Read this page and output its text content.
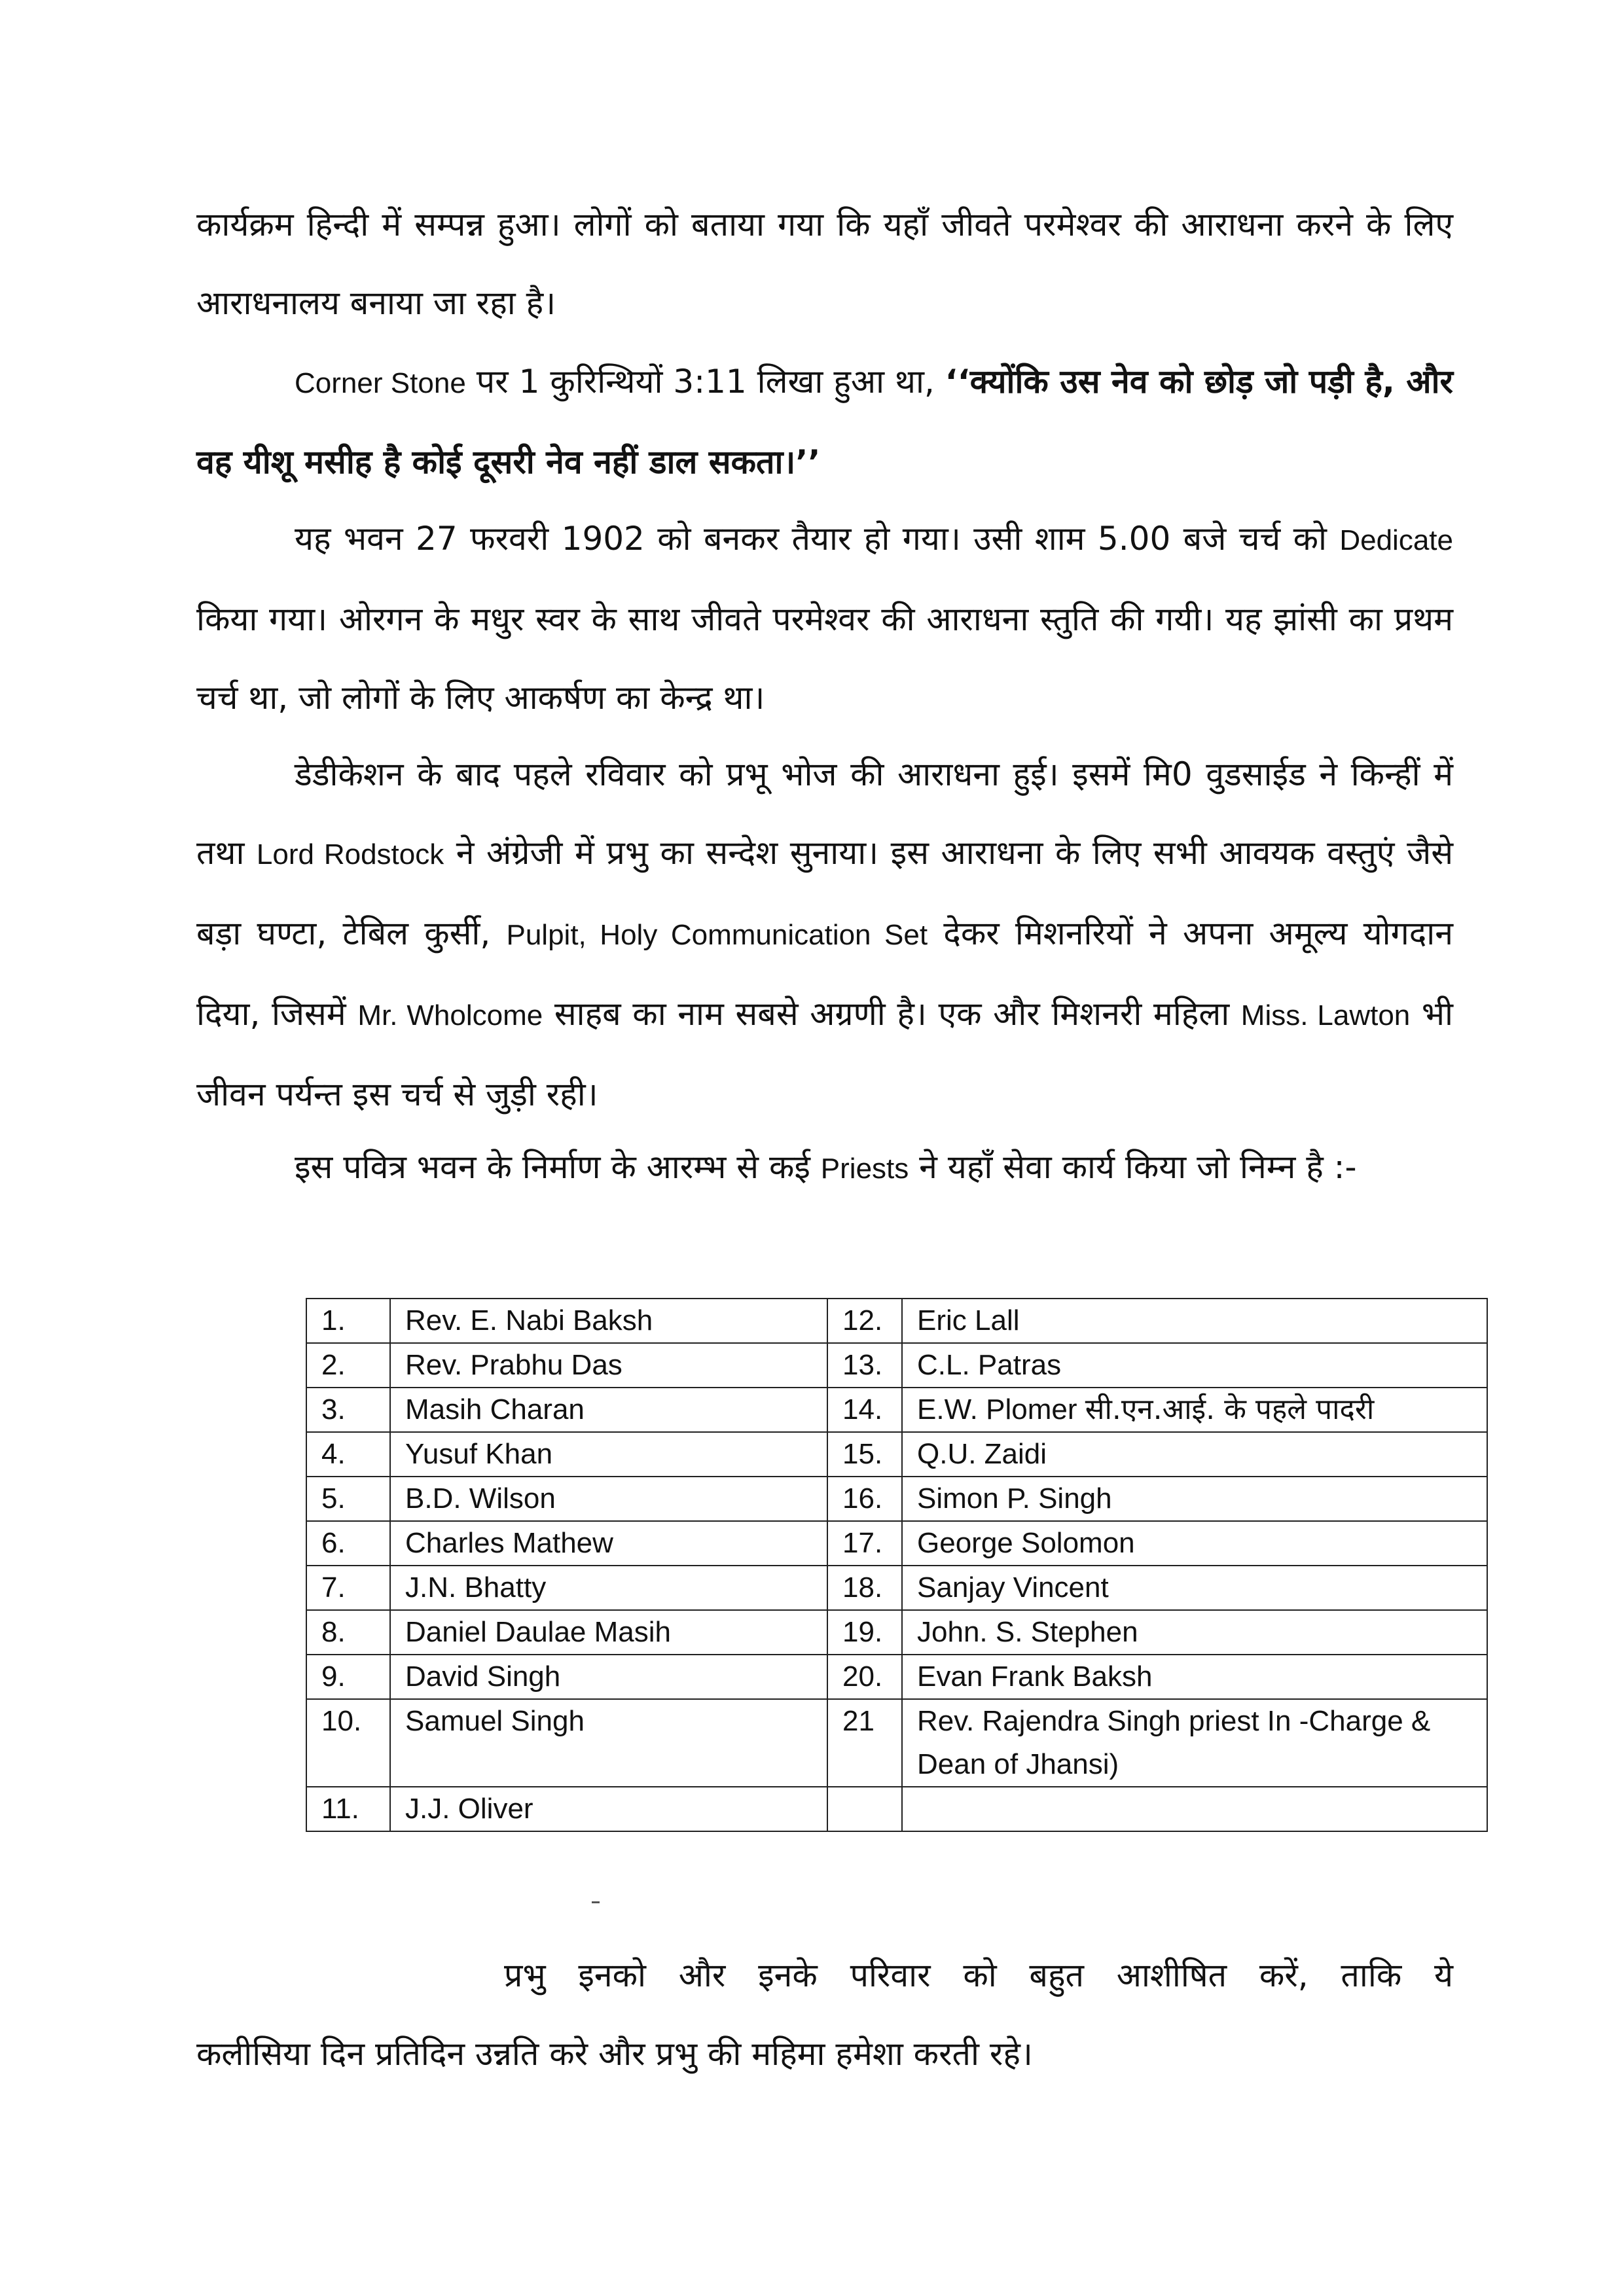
कार्यक्रम हिन्दी में सम्पन्न हुआ। लोगों को बताया गया कि यहाँ जीवते परमेश्वर की आराधना करने के लिए आराधनालय बनाया जा रहा है।

Corner Stone पर 1 कुरिन्थियों 3:11 लिखा हुआ था, ‘‘क्योंकि उस नेव को छोड़ जो पड़ी है, और वह यीशू मसीह है कोई दूसरी नेव नहीं डाल सकता।’’

यह भवन 27 फरवरी 1902 को बनकर तैयार हो गया। उसी शाम 5.00 बजे चर्च को Dedicate किया गया। ओरगन के मधुर स्वर के साथ जीवते परमेश्वर की आराधना स्तुति की गयी। यह झांसी का प्रथम चर्च था, जो लोगों के लिए आकर्षण का केन्द्र था।

डेडीकेशन के बाद पहले रविवार को प्रभू भोज की आराधना हुई। इसमें मि0 वुडसाईड ने किन्हीं में तथा Lord Rodstock ने अंग्रेजी में प्रभु का सन्देश सुनाया। इस आराधना के लिए सभी आवयक वस्तुएं जैसे बड़ा घण्टा, टेबिल कुर्सी, Pulpit, Holy Communication Set देकर मिशनरियों ने अपना अमूल्य योगदान दिया, जिसमें Mr. Wholcome साहब का नाम सबसे अग्रणी है। एक और मिशनरी महिला Miss. Lawton भी जीवन पर्यन्त इस चर्च से जुड़ी रही।

इस पवित्र भवन के निर्माण के आरम्भ से कई Priests ने यहाँ सेवा कार्य किया जो निम्न है :-

1.	Rev. E. Nabi Baksh	12.	Eric Lall
2.	Rev. Prabhu Das	13.	C.L. Patras
3.	Masih Charan	14.	E.W. Plomer सी.एन.आई. के पहले पादरी
4.	Yusuf Khan	15.	Q.U. Zaidi
5.	B.D. Wilson	16.	Simon P. Singh
6.	Charles Mathew	17.	George Solomon
7.	J.N. Bhatty	18.	Sanjay Vincent
8.	Daniel Daulae Masih	19.	John. S. Stephen
9.	David Singh	20.	Evan Frank Baksh
10.	Samuel Singh	21	Rev. Rajendra Singh priest In -Charge & Dean of Jhansi)
11.	J.J. Oliver		
प्रभु इनको और इनके परिवार को बहुत आशीषित करें, ताकि ये
कलीसिया दिन प्रतिदिन उन्नति करे और प्रभु की महिमा हमेशा करती रहे।
